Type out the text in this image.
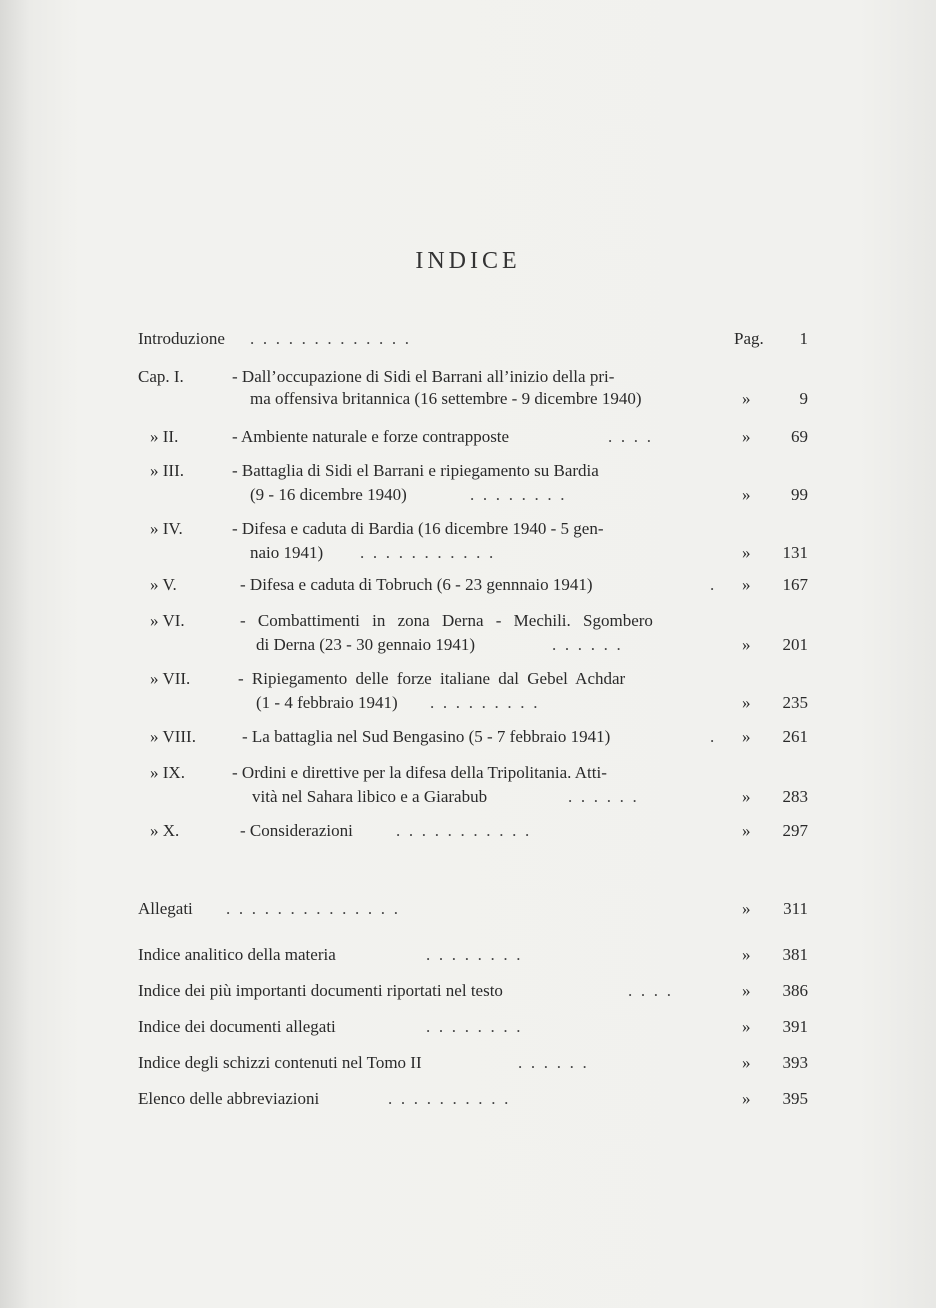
INDICE
Introduzione . . . . . . . . . . . . .	Pag.	1
Cap. I.	- Dall’occupazione di Sidi el Barrani all’inizio della pri-
ma offensiva britannica (16 settembre - 9 dicembre 1940)	»	9
» II.	- Ambiente naturale e forze contrapposte	. . . .	»	69
» III.	- Battaglia di Sidi el Barrani e ripiegamento su Bardia
(9 - 16 dicembre 1940)	. . . . . . . .	»	99
» IV.	- Difesa e caduta di Bardia (16 dicembre 1940 - 5 gen-
naio 1941) . . . . . . . . . . .	»	131
» V.	- Difesa e caduta di Tobruch (6 - 23 gennnaio 1941)	. »	167
» VI.	- Combattimenti in zona Derna - Mechili. Sgombero
di Derna (23 - 30 gennaio 1941)	. . . . . .	»	201
» VII.	- Ripiegamento delle forze italiane dal Gebel Achdar
(1 - 4 febbraio 1941) . . . . . . . . .	»	235
» VIII.	- La battaglia nel Sud Bengasino (5 - 7 febbraio 1941)	. »	261
» IX.	- Ordini e direttive per la difesa della Tripolitania. Atti-
vità nel Sahara libico e a Giarabub	. . . . . .	»	283
» X.	- Considerazioni	. . . . . . . . . . .	»	297
Allegati . . . . . . . . . . . . . .	»	311
Indice analitico della materia	. . . . . . . .	»	381
Indice dei più importanti documenti riportati nel testo	. . . .	»	386
Indice dei documenti allegati	. . . . . . . .	»	391
Indice degli schizzi contenuti nel Tomo II	. . . . . .	»	393
Elenco delle abbreviazioni	. . . . . . . . . .	»	395
